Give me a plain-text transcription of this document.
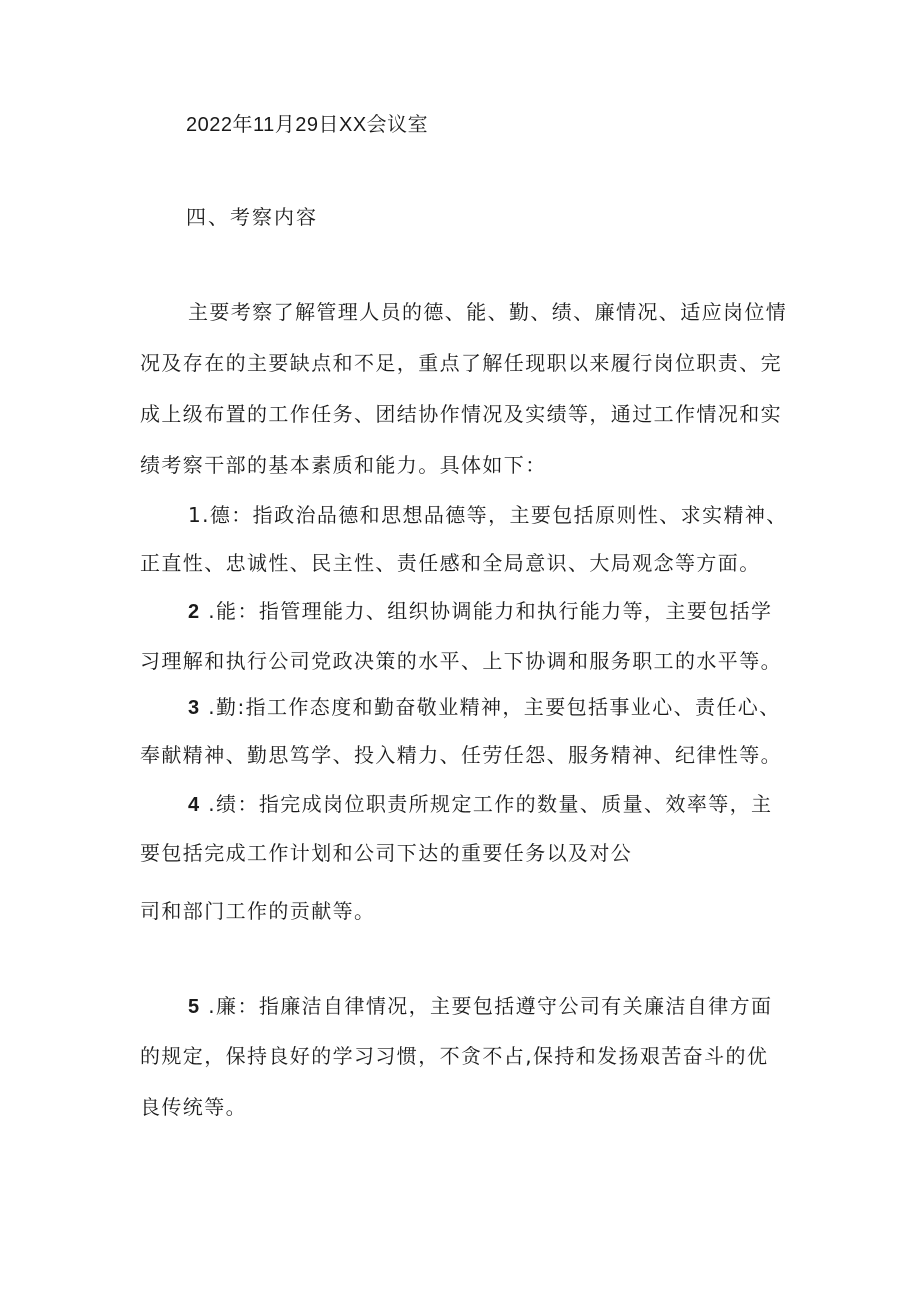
2022年11月29日XX会议室
四、考察内容
主要考察了解管理人员的德、能、勤、绩、廉情况、适应岗位情
况及存在的主要缺点和不足，重点了解任现职以来履行岗位职责、完
成上级布置的工作任务、团结协作情况及实绩等，通过工作情况和实
绩考察干部的基本素质和能力。具体如下：
1.德：指政治品德和思想品德等，主要包括原则性、求实精神、
正直性、忠诚性、民主性、责任感和全局意识、大局观念等方面。
2 .能：指管理能力、组织协调能力和执行能力等，主要包括学
习理解和执行公司党政决策的水平、上下协调和服务职工的水平等。
3 .勤:指工作态度和勤奋敬业精神，主要包括事业心、责任心、
奉献精神、勤思笃学、投入精力、任劳任怨、服务精神、纪律性等。
4 .绩：指完成岗位职责所规定工作的数量、质量、效率等，主
要包括完成工作计划和公司下达的重要任务以及对公
司和部门工作的贡献等。
5 .廉：指廉洁自律情况，主要包括遵守公司有关廉洁自律方面
的规定，保持良好的学习习惯，不贪不占,保持和发扬艰苦奋斗的优
良传统等。
